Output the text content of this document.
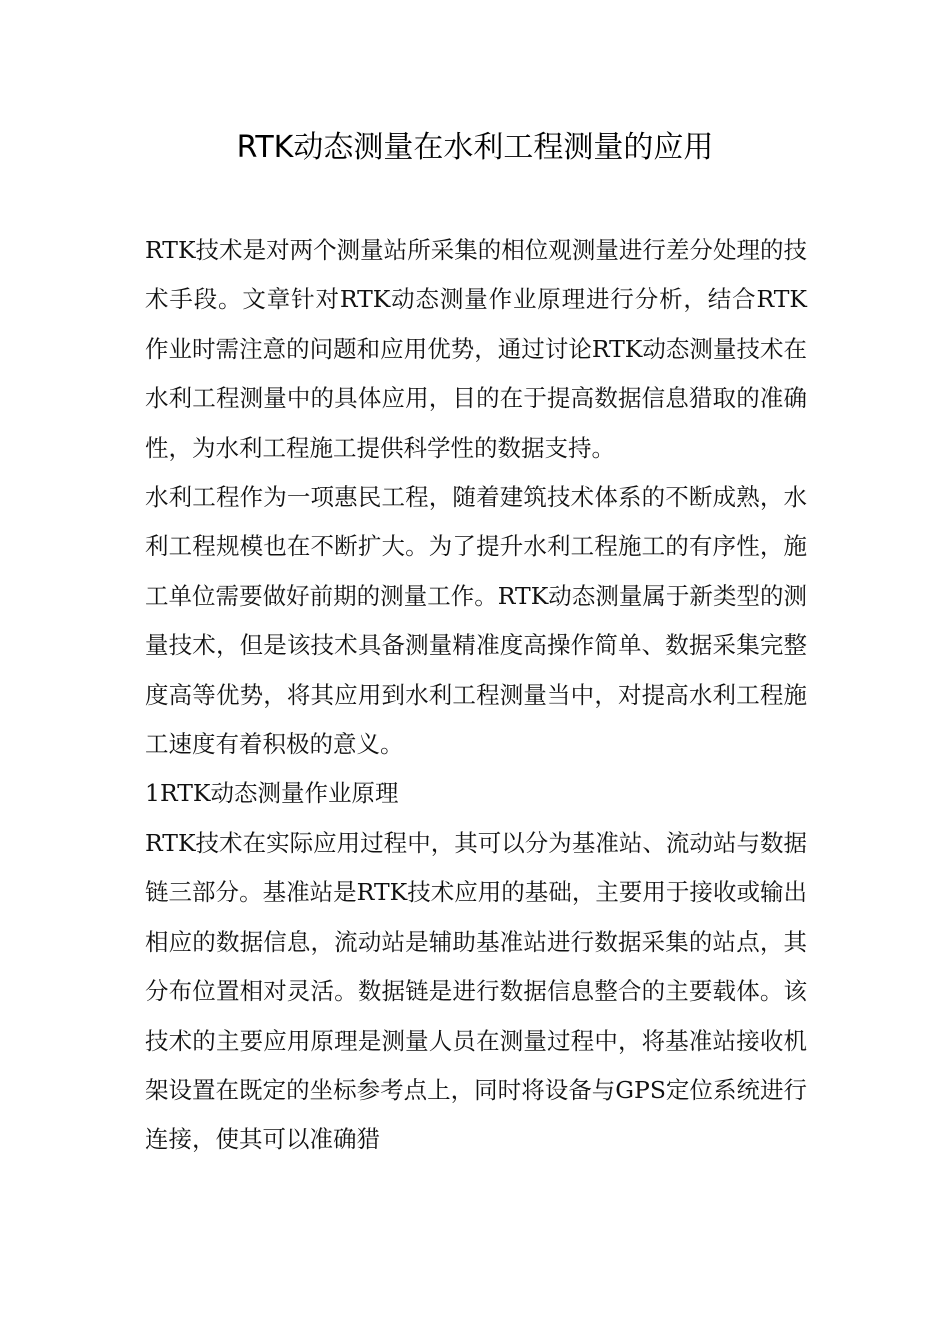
RTK动态测量在水利工程测量的应用

RTK技术是对两个测量站所采集的相位观测量进行差分处理的技术手段。文章针对RTK动态测量作业原理进行分析，结合RTK作业时需注意的问题和应用优势，通过讨论RTK动态测量技术在水利工程测量中的具体应用，目的在于提高数据信息猎取的准确性，为水利工程施工提供科学性的数据支持。

水利工程作为一项惠民工程，随着建筑技术体系的不断成熟，水利工程规模也在不断扩大。为了提升水利工程施工的有序性，施工单位需要做好前期的测量工作。RTK动态测量属于新类型的测量技术，但是该技术具备测量精准度高操作简单、数据采集完整度高等优势，将其应用到水利工程测量当中，对提高水利工程施工速度有着积极的意义。

1RTK动态测量作业原理

RTK技术在实际应用过程中，其可以分为基准站、流动站与数据链三部分。基准站是RTK技术应用的基础，主要用于接收或输出相应的数据信息，流动站是辅助基准站进行数据采集的站点，其分布位置相对灵活。数据链是进行数据信息整合的主要载体。该技术的主要应用原理是测量人员在测量过程中，将基准站接收机架设置在既定的坐标参考点上，同时将设备与GPS定位系统进行连接，使其可以准确猎
